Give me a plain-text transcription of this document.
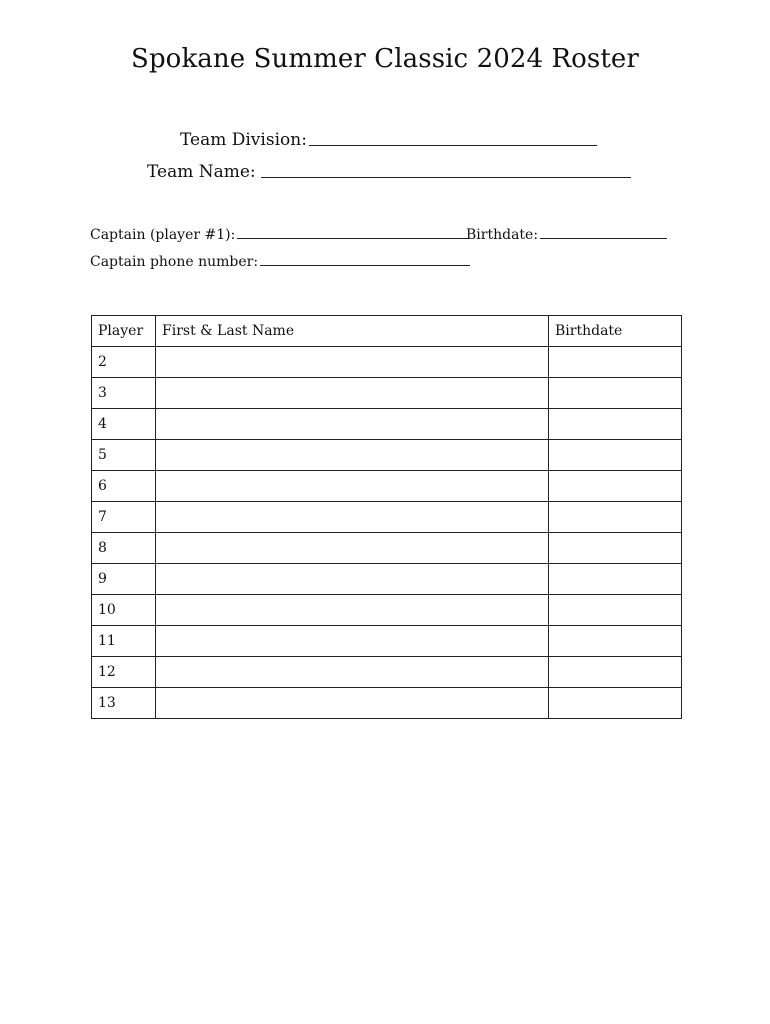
Spokane Summer Classic 2024 Roster
Team Division:
Team Name:
Captain (player #1):	Birthdate:
Captain phone number:
Player	First & Last Name	Birthdate
2		
3		
4		
5		
6		
7		
8		
9		
10		
11		
12		
13		
